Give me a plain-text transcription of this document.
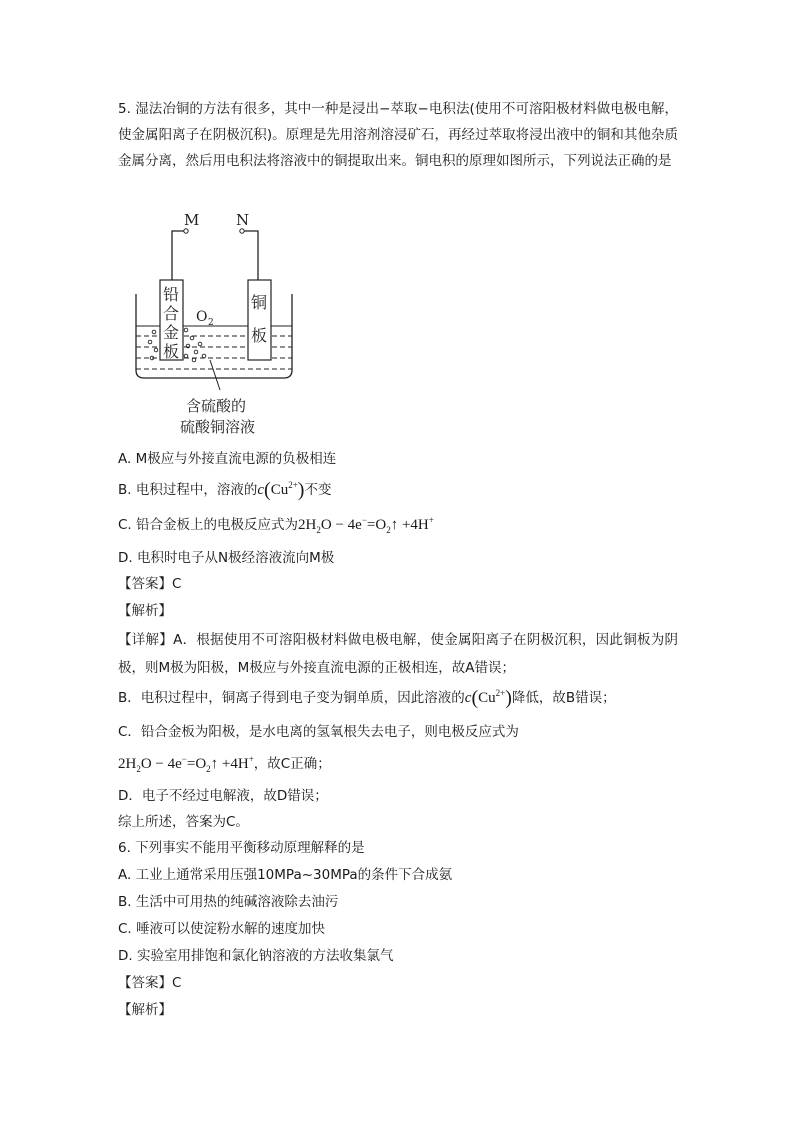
5. 湿法冶铜的方法有很多，其中一种是浸出−萃取−电积法(使用不可溶阳极材料做电极电解，使金属阳离子在阴极沉积)。原理是先用溶剂溶浸矿石，再经过萃取将浸出液中的铜和其他杂质金属分离，然后用电积法将溶液中的铜提取出来。铜电积的原理如图所示，下列说法正确的是
M N
铅
合
金
板
铜
板
O 2
含硫酸的
硫酸铜溶液
A. M极应与外接直流电源的负极相连
B. 电积过程中，溶液的$c(Cu^{2+})$不变
C. 铅合金板上的电极反应式为$2H_2O$ − $4e^-=O_2↑ +4H^+$
D. 电积时电子从N极经溶液流向M极
【答案】C
【解析】
【详解】A．根据使用不可溶阳极材料做电极电解，使金属阳离子在阴极沉积，因此铜板为阴极，则M极为阳极，M极应与外接直流电源的正极相连，故A错误；
B．电积过程中，铜离子得到电子变为铜单质，因此溶液的$c(Cu^{2+})$降低，故B错误；
C．铅合金板为阳极，是水电离的氢氧根失去电子，则电极反应式为
$2H_2O$ − $4e^-=O_2↑ +4H^+$，故C正确；
D．电子不经过电解液，故D错误；
综上所述，答案为C。
6. 下列事实不能用平衡移动原理解释的是
A. 工业上通常采用压强10MPa~30MPa的条件下合成氨
B. 生活中可用热的纯碱溶液除去油污
C. 唾液可以使淀粉水解的速度加快
D. 实验室用排饱和氯化钠溶液的方法收集氯气
【答案】C
【解析】
